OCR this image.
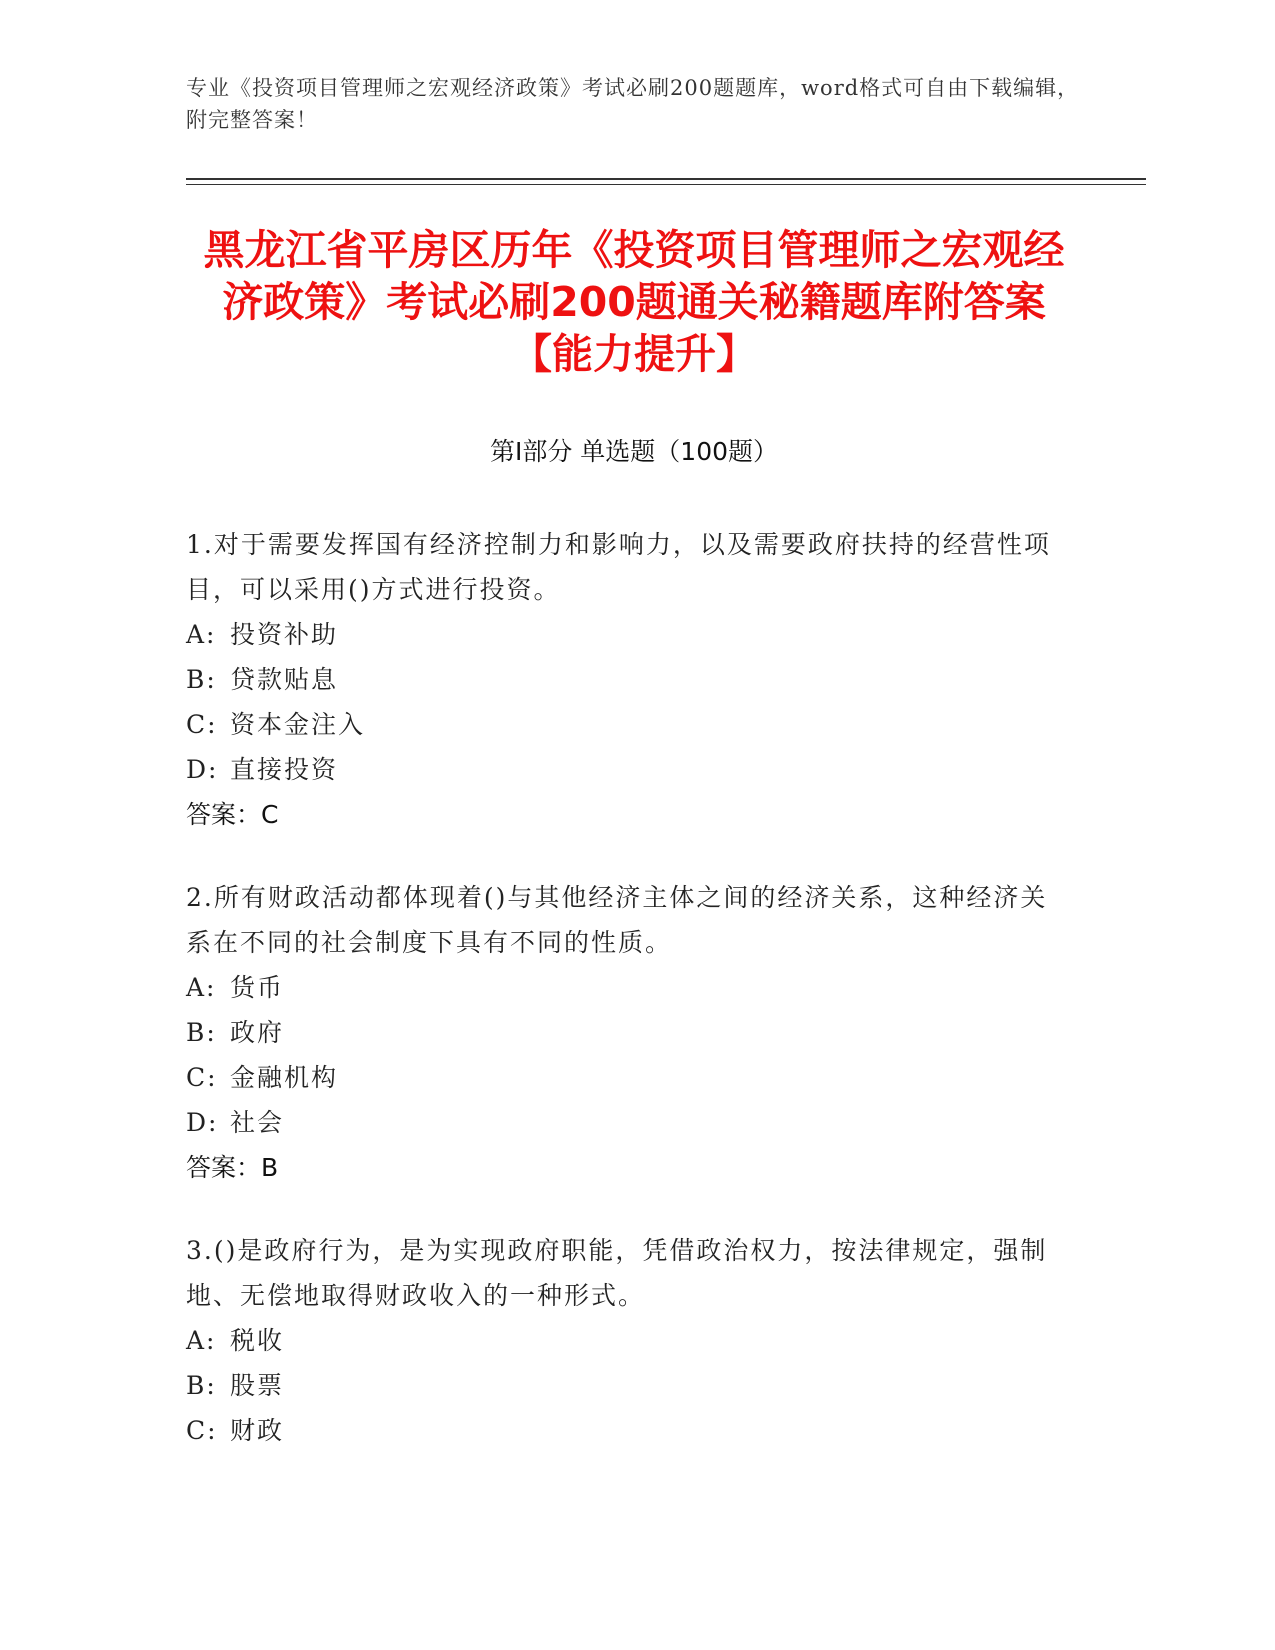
专业《投资项目管理师之宏观经济政策》考试必刷200题题库，word格式可自由下载编辑，附完整答案！
黑龙江省平房区历年《投资项目管理师之宏观经济政策》考试必刷200题通关秘籍题库附答案【能力提升】
第Ⅰ部分 单选题（100题）

1.对于需要发挥国有经济控制力和影响力，以及需要政府扶持的经营性项目，可以采用()方式进行投资。

A: 投资补助

B: 贷款贴息

C: 资本金注入

D: 直接投资

答案：C

2.所有财政活动都体现着()与其他经济主体之间的经济关系，这种经济关系在不同的社会制度下具有不同的性质。

A: 货币

B: 政府

C: 金融机构

D: 社会

答案：B

3.()是政府行为，是为实现政府职能，凭借政治权力，按法律规定，强制地、无偿地取得财政收入的一种形式。

A: 税收

B: 股票

C: 财政
